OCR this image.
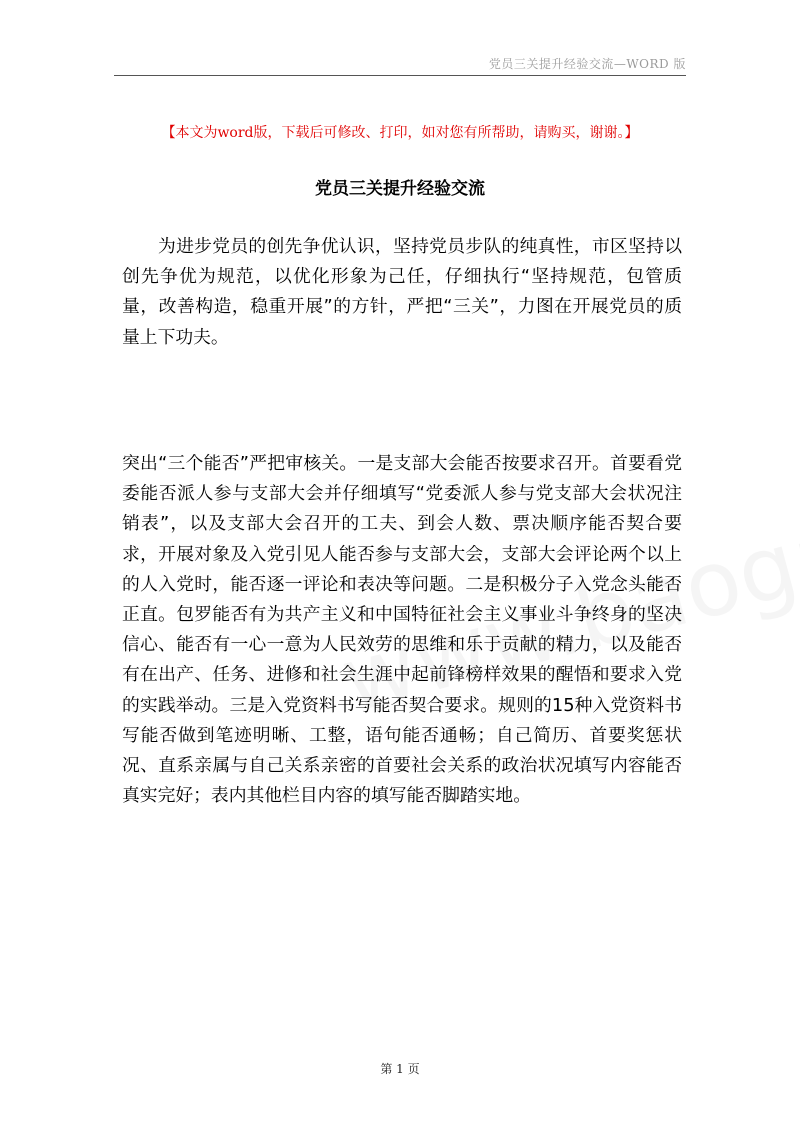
党员三关提升经验交流—WORD 版
【本文为word版，下载后可修改、打印，如对您有所帮助，请购买，谢谢。】
党员三关提升经验交流

为进步党员的创先争优认识，坚持党员步队的纯真性，市区坚持以创先争优为规范，以优化形象为己任，仔细执行“坚持规范，包管质量，改善构造，稳重开展”的方针，严把“三关”，力图在开展党员的质量上下功夫。

突出“三个能否”严把审核关。一是支部大会能否按要求召开。首要看党委能否派人参与支部大会并仔细填写“党委派人参与党支部大会状况注销表”，以及支部大会召开的工夫、到会人数、票决顺序能否契合要求，开展对象及入党引见人能否参与支部大会，支部大会评论两个以上的人入党时，能否逐一评论和表决等问题。二是积极分子入党念头能否正直。包罗能否有为共产主义和中国特征社会主义事业斗争终身的坚决信心、能否有一心一意为人民效劳的思维和乐于贡献的精力，以及能否有在出产、任务、进修和社会生涯中起前锋榜样效果的醒悟和要求入党的实践举动。三是入党资料书写能否契合要求。规则的15种入党资料书写能否做到笔迹明晰、工整，语句能否通畅；自己简历、首要奖惩状况、直系亲属与自己关系亲密的首要社会关系的政治状况填写内容能否真实完好；表内其他栏目内容的填写能否脚踏实地。

第 1 页
